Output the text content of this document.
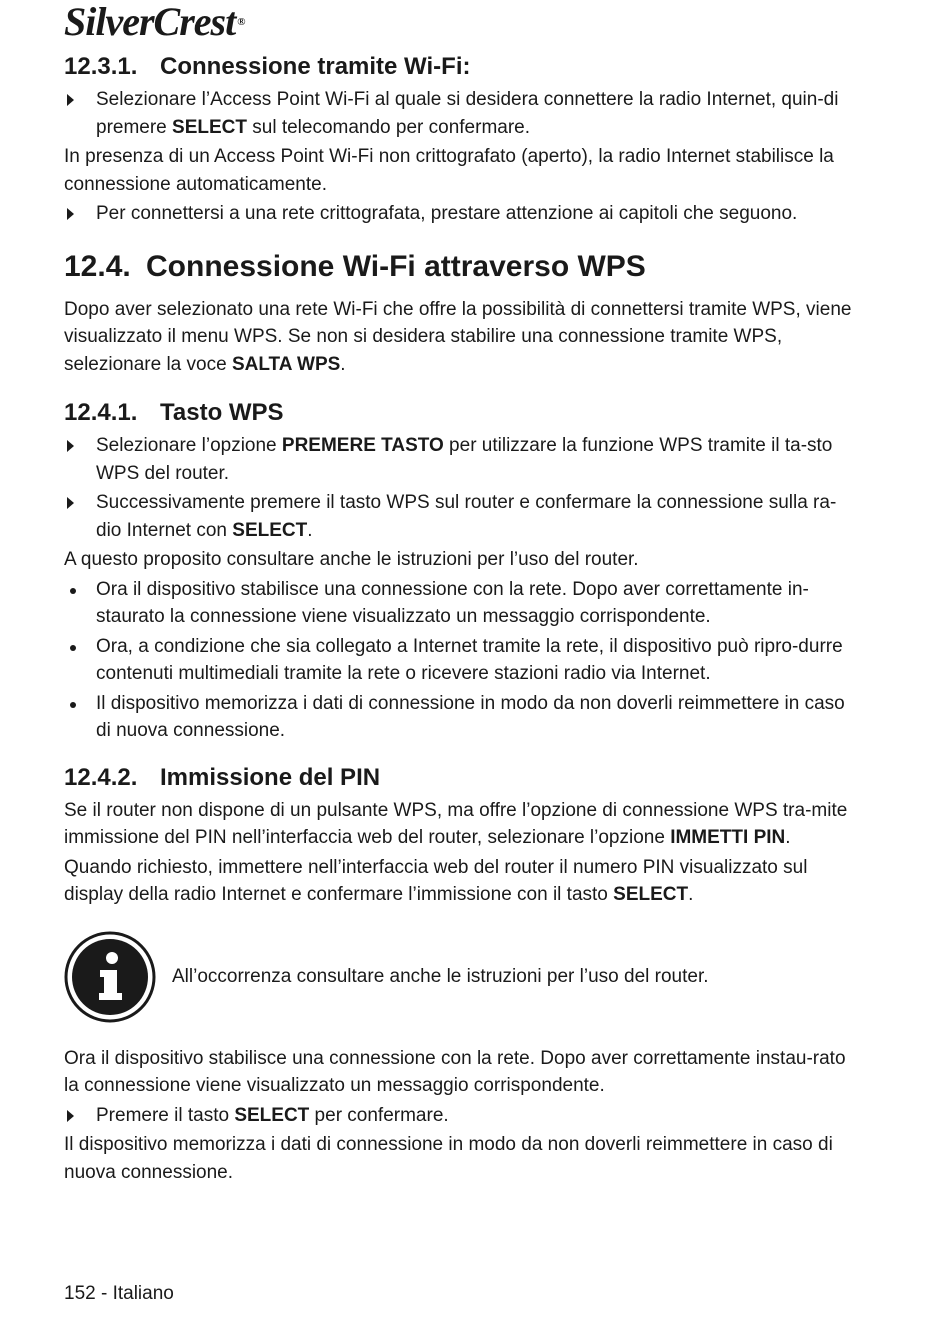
SilverCrest ®
12.3.1. Connessione tramite Wi-Fi:
Selezionare l’Access Point Wi-Fi al quale si desidera connettere la radio Internet, quin-di premere SELECT sul telecomando per confermare.

In presenza di un Access Point Wi-Fi non crittografato (aperto), la radio Internet stabilisce la connessione automaticamente.

Per connettersi a una rete crittografata, prestare attenzione ai capitoli che seguono.
12.4. Connessione Wi-Fi attraverso WPS

Dopo aver selezionato una rete Wi-Fi che offre la possibilità di connettersi tramite WPS, viene visualizzato il menu WPS. Se non si desidera stabilire una connessione tramite WPS, selezionare la voce SALTA WPS.

12.4.1. Tasto WPS
Selezionare l’opzione PREMERE TASTO per utilizzare la funzione WPS tramite il ta-sto WPS del router.
Successivamente premere il tasto WPS sul router e confermare la connessione sulla ra-dio Internet con SELECT.

A questo proposito consultare anche le istruzioni per l’uso del router.

Ora il dispositivo stabilisce una connessione con la rete. Dopo aver correttamente in-staurato la connessione viene visualizzato un messaggio corrispondente.
Ora, a condizione che sia collegato a Internet tramite la rete, il dispositivo può ripro-durre contenuti multimediali tramite la rete o ricevere stazioni radio via Internet.
Il dispositivo memorizza i dati di connessione in modo da non doverli reimmettere in caso di nuova connessione.
12.4.2. Immissione del PIN

Se il router non dispone di un pulsante WPS, ma offre l’opzione di connessione WPS tra-mite immissione del PIN nell’interfaccia web del router, selezionare l’opzione IMMETTI PIN.

Quando richiesto, immettere nell’interfaccia web del router il numero PIN visualizzato sul display della radio Internet e confermare l’immissione con il tasto SELECT.

All’occorrenza consultare anche le istruzioni per l’uso del router.

Ora il dispositivo stabilisce una connessione con la rete. Dopo aver correttamente instau-rato la connessione viene visualizzato un messaggio corrispondente.

Premere il tasto SELECT per confermare.

Il dispositivo memorizza i dati di connessione in modo da non doverli reimmettere in caso di nuova connessione.

152 - Italiano
